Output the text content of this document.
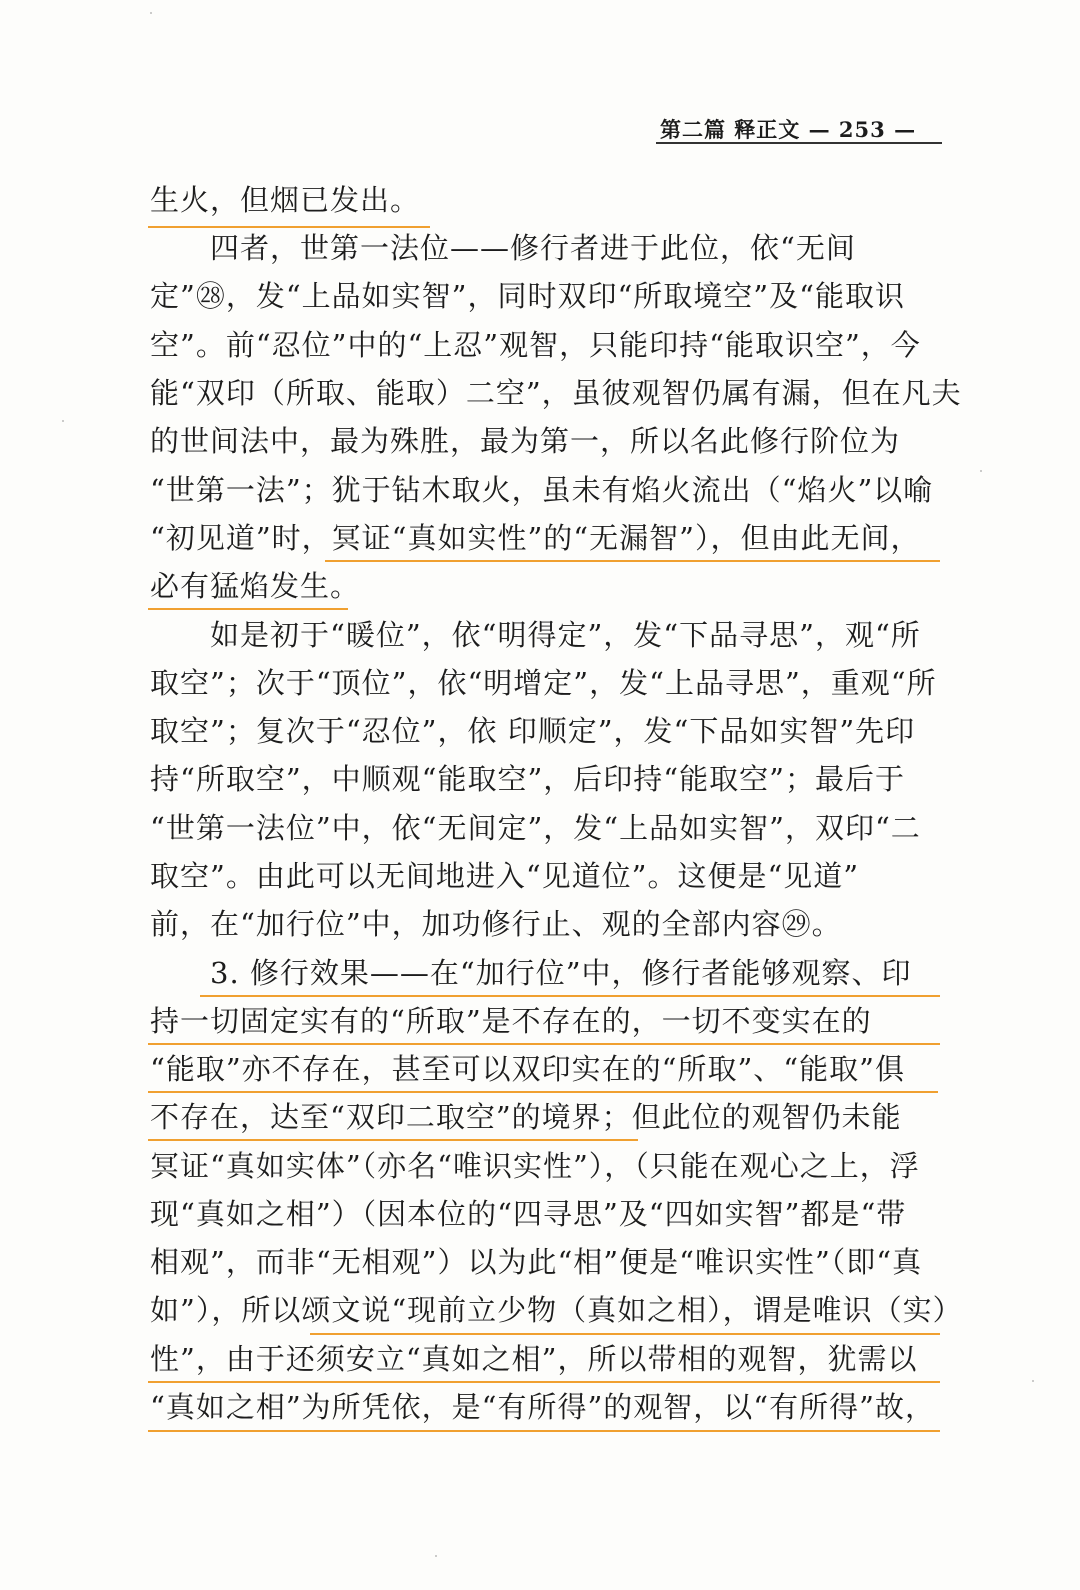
第二篇 释正文 — 253 —
生火，但烟已发出。
　　四者，世第一法位——修行者进于此位，依“无间
定”㉘，发“上品如实智”，同时双印“所取境空”及“能取识
空”。前“忍位”中的“上忍”观智，只能印持“能取识空”，今
能“双印（所取、能取）二空”，虽彼观智仍属有漏，但在凡夫
的世间法中，最为殊胜，最为第一，所以名此修行阶位为
“世第一法”；犹于钻木取火，虽未有焰火流出（“焰火”以喻
“初见道”时，冥证“真如实性”的“无漏智”），但由此无间，
必有猛焰发生。
　　如是初于“暖位”，依“明得定”，发“下品寻思”，观“所
取空”；次于“顶位”，依“明增定”，发“上品寻思”，重观“所
取空”；复次于“忍位”，依 印顺定”，发“下品如实智”先印
持“所取空”，中顺观“能取空”，后印持“能取空”；最后于
“世第一法位”中，依“无间定”，发“上品如实智”，双印“二
取空”。由此可以无间地进入“见道位”。这便是“见道”
前，在“加行位”中，加功修行止、观的全部内容㉙。
　　3. 修行效果——在“加行位”中，修行者能够观察、印
持一切固定实有的“所取”是不存在的，一切不变实在的
“能取”亦不存在，甚至可以双印实在的“所取”、“能取”俱
不存在，达至“双印二取空”的境界；但此位的观智仍未能
冥证“真如实体”（亦名“唯识实性”），（只能在观心之上，浮
现“真如之相”）（因本位的“四寻思”及“四如实智”都是“带
相观”，而非“无相观”）以为此“相”便是“唯识实性”（即“真
如”），所以颂文说“现前立少物（真如之相），谓是唯识（实）
性”，由于还须安立“真如之相”，所以带相的观智，犹需以
“真如之相”为所凭依，是“有所得”的观智，以“有所得”故，
